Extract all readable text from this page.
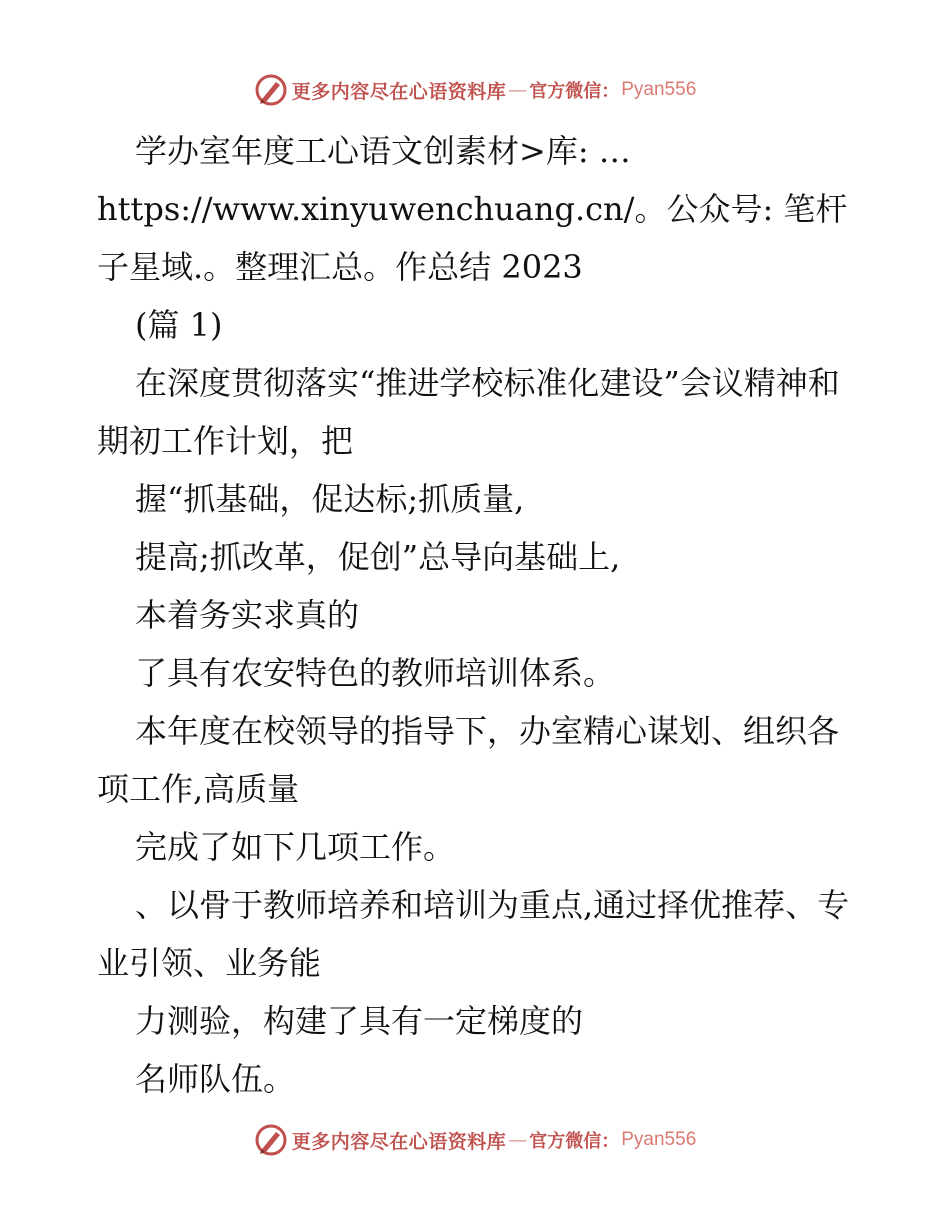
更多内容尽在心语资料库 — 官方微信： Pyan556

学办室年度工心语文创素材>库: …https://www.xinyuwenchuang.cn/。公众号: 笔杆子星域.。整理汇总。作总结 2023

(篇 1)

在深度贯彻落实“推进学校标准化建设”会议精神和期初工作计划，把

握“抓基础，促达标;抓质量,

提高;抓改革，促创”总导向基础上,

本着务实求真的

了具有农安特色的教师培训体系。

本年度在校领导的指导下，办室精心谋划、组织各项工作,高质量

完成了如下几项工作。

、以骨于教师培养和培训为重点,通过择优推荐、专业引领、业务能

力测验，构建了具有一定梯度的

名师队伍。

更多内容尽在心语资料库 — 官方微信： Pyan556
